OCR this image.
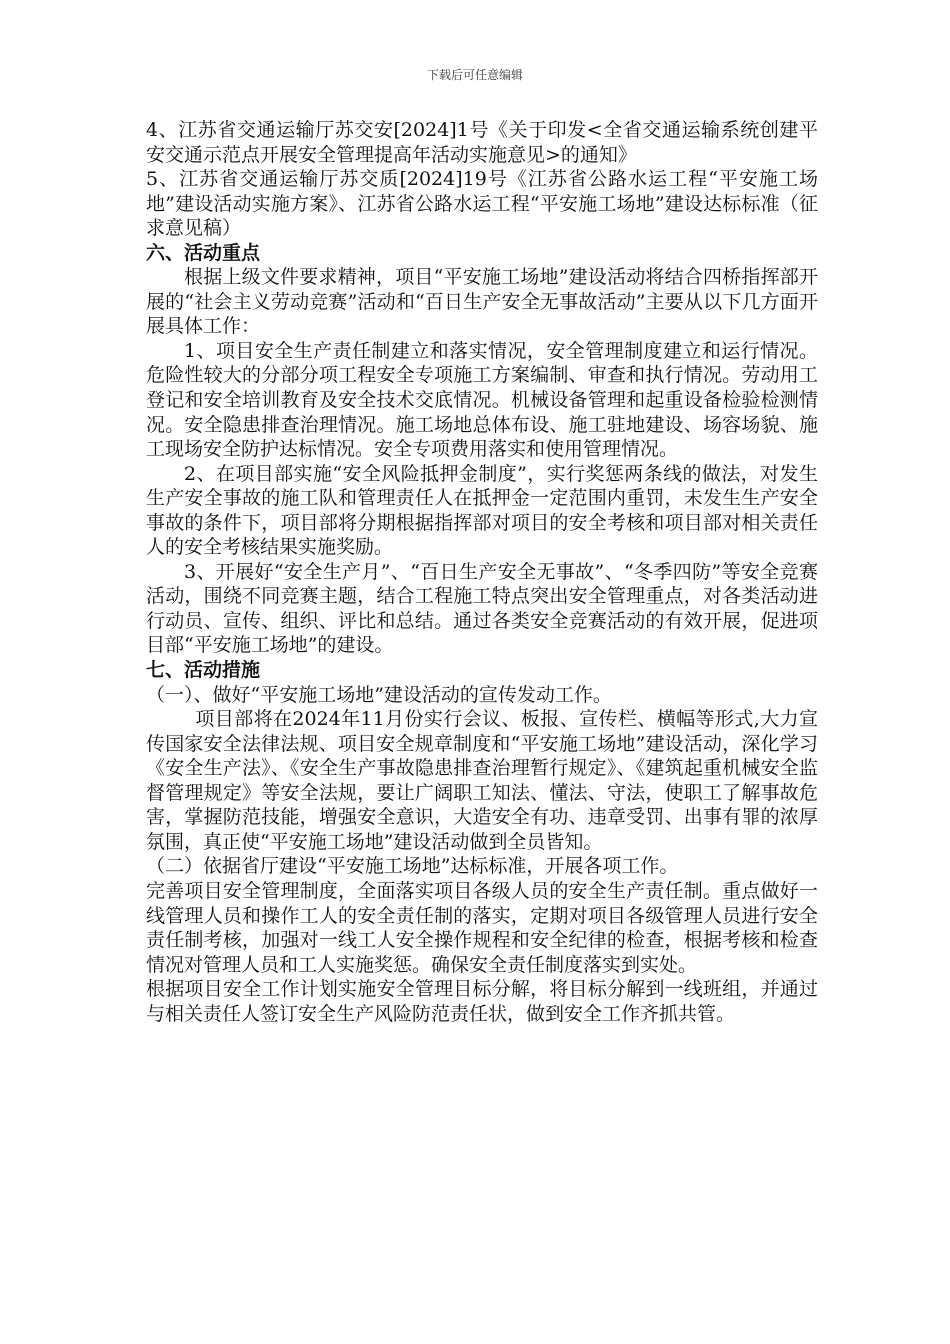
下载后可任意编辑

4、江苏省交通运输厅苏交安[2024]1号《关于印发<全省交通运输系统创建平安交通示范点开展安全管理提高年活动实施意见>的通知》

5、江苏省交通运输厅苏交质[2024]19号《江苏省公路水运工程“平安施工场地”建设活动实施方案》、江苏省公路水运工程“平安施工场地”建设达标标准（征求意见稿）

六、活动重点

根据上级文件要求精神，项目“平安施工场地”建设活动将结合四桥指挥部开展的“社会主义劳动竞赛”活动和“百日生产安全无事故活动”主要从以下几方面开展具体工作：

1、项目安全生产责任制建立和落实情况，安全管理制度建立和运行情况。危险性较大的分部分项工程安全专项施工方案编制、审查和执行情况。劳动用工登记和安全培训教育及安全技术交底情况。机械设备管理和起重设备检验检测情况。安全隐患排查治理情况。施工场地总体布设、施工驻地建设、场容场貌、施工现场安全防护达标情况。安全专项费用落实和使用管理情况。

2、在项目部实施“安全风险抵押金制度”，实行奖惩两条线的做法，对发生生产安全事故的施工队和管理责任人在抵押金一定范围内重罚，未发生生产安全事故的条件下，项目部将分期根据指挥部对项目的安全考核和项目部对相关责任人的安全考核结果实施奖励。

3、开展好“安全生产月”、“百日生产安全无事故”、“冬季四防”等安全竞赛活动，围绕不同竞赛主题，结合工程施工特点突出安全管理重点，对各类活动进行动员、宣传、组织、评比和总结。通过各类安全竞赛活动的有效开展，促进项目部“平安施工场地”的建设。

七、活动措施

（一）、做好“平安施工场地”建设活动的宣传发动工作。

项目部将在2024年11月份实行会议、板报、宣传栏、横幅等形式,大力宣传国家安全法律法规、项目安全规章制度和“平安施工场地”建设活动，深化学习《安全生产法》、《安全生产事故隐患排查治理暂行规定》、《建筑起重机械安全监督管理规定》等安全法规，要让广阔职工知法、懂法、守法，使职工了解事故危害，掌握防范技能，增强安全意识，大造安全有功、违章受罚、出事有罪的浓厚氛围，真正使“平安施工场地”建设活动做到全员皆知。

（二）依据省厅建设“平安施工场地”达标标准，开展各项工作。

完善项目安全管理制度，全面落实项目各级人员的安全生产责任制。重点做好一线管理人员和操作工人的安全责任制的落实，定期对项目各级管理人员进行安全责任制考核，加强对一线工人安全操作规程和安全纪律的检查，根据考核和检查情况对管理人员和工人实施奖惩。确保安全责任制度落实到实处。

根据项目安全工作计划实施安全管理目标分解，将目标分解到一线班组，并通过与相关责任人签订安全生产风险防范责任状，做到安全工作齐抓共管。
